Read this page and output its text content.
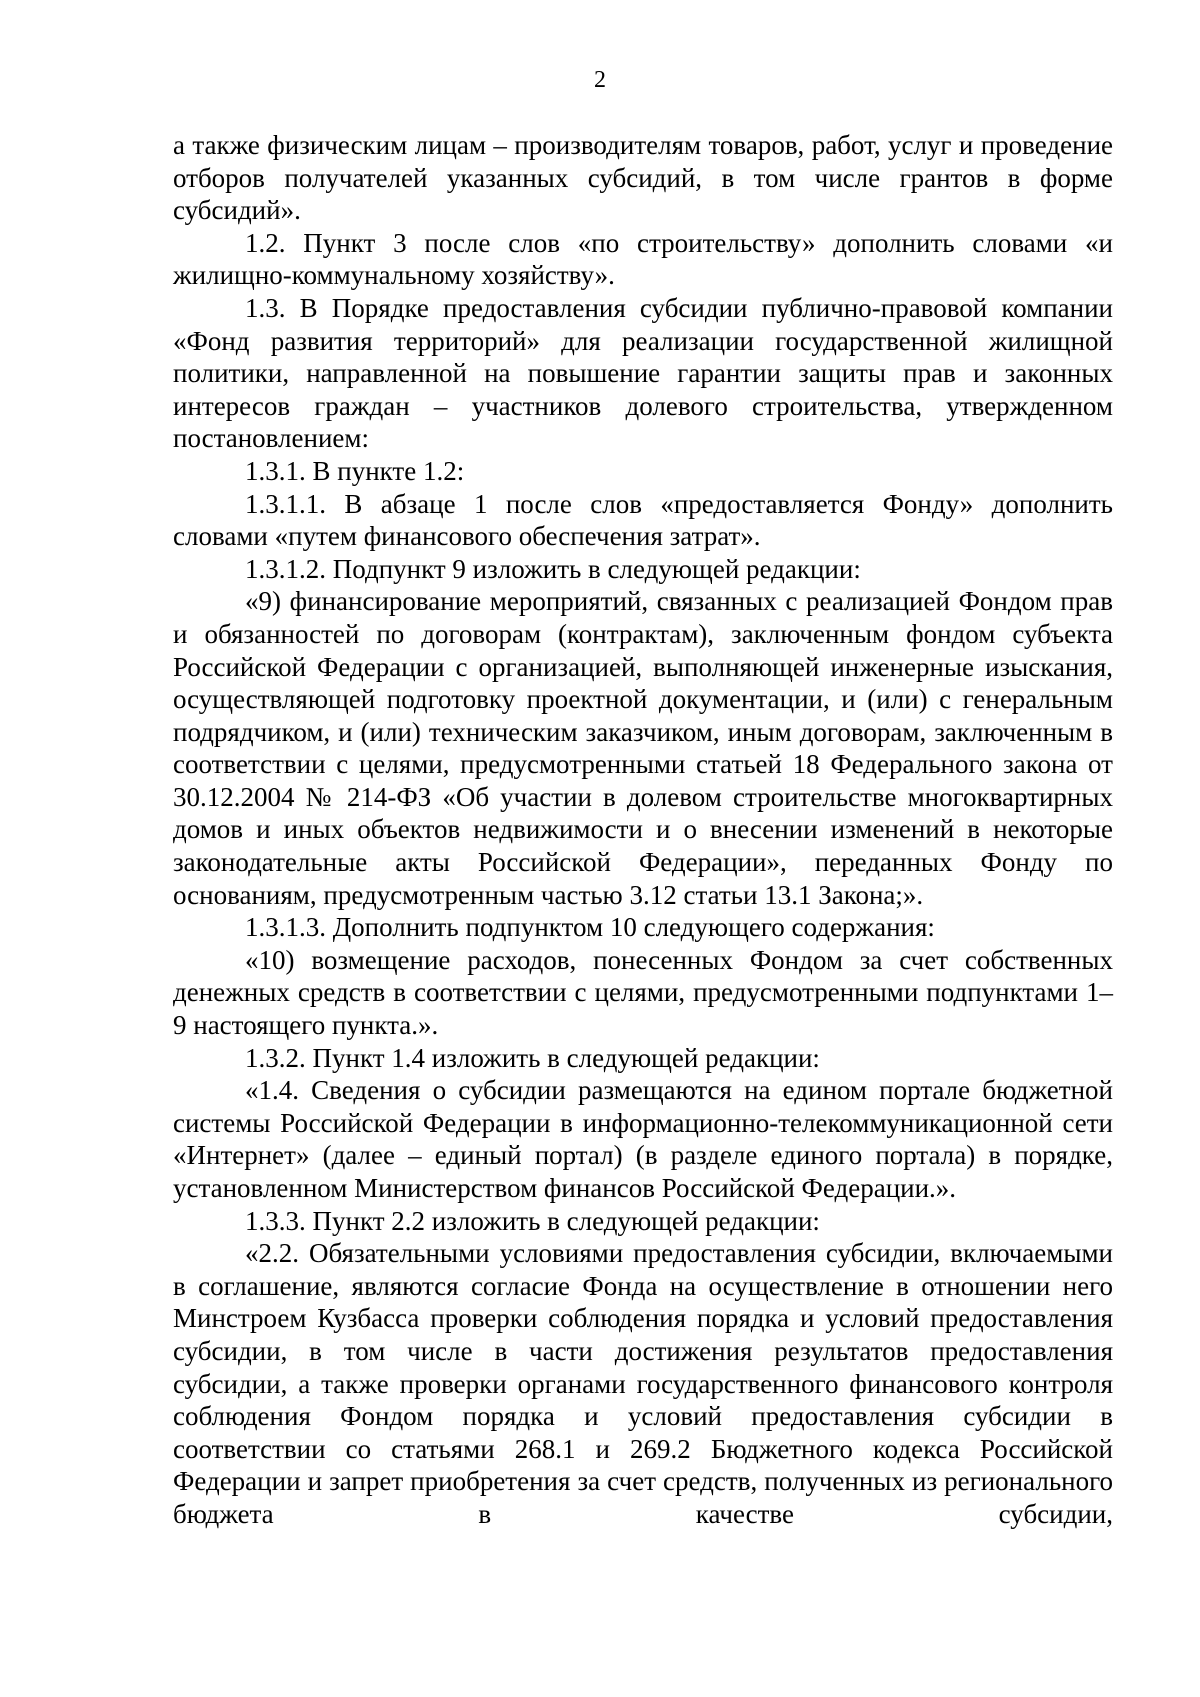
2

а также физическим лицам – производителям товаров, работ, услуг и проведение отборов получателей указанных субсидий, в том числе грантов в форме субсидий».

1.2. Пункт 3 после слов «по строительству» дополнить словами «и жилищно-коммунальному хозяйству».

1.3. В Порядке предоставления субсидии публично-правовой компании «Фонд развития территорий» для реализации государственной жилищной политики, направленной на повышение гарантии защиты прав и законных интересов граждан – участников долевого строительства, утвержденном постановлением:

1.3.1. В пункте 1.2:

1.3.1.1. В абзаце 1 после слов «предоставляется Фонду» дополнить словами «путем финансового обеспечения затрат».

1.3.1.2. Подпункт 9 изложить в следующей редакции:

«9) финансирование мероприятий, связанных с реализацией Фондом прав и обязанностей по договорам (контрактам), заключенным фондом субъекта Российской Федерации с организацией, выполняющей инженерные изыскания, осуществляющей подготовку проектной документации, и (или) с генеральным подрядчиком, и (или) техническим заказчиком, иным договорам, заключенным в соответствии с целями, предусмотренными статьей 18 Федерального закона от 30.12.2004 № 214-ФЗ «Об участии в долевом строительстве многоквартирных домов и иных объектов недвижимости и о внесении изменений в некоторые законодательные акты Российской Федерации», переданных Фонду по основаниям, предусмотренным частью 3.12 статьи 13.1 Закона;».

1.3.1.3. Дополнить подпунктом 10 следующего содержания:

«10) возмещение расходов, понесенных Фондом за счет собственных денежных средств в соответствии с целями, предусмотренными подпунктами 1–9 настоящего пункта.».

1.3.2. Пункт 1.4 изложить в следующей редакции:

«1.4. Сведения о субсидии размещаются на едином портале бюджетной системы Российской Федерации в информационно-телекоммуникационной сети «Интернет» (далее – единый портал) (в разделе единого портала) в порядке, установленном Министерством финансов Российской Федерации.».

1.3.3. Пункт 2.2 изложить в следующей редакции:

«2.2. Обязательными условиями предоставления субсидии, включаемыми в соглашение, являются согласие Фонда на осуществление в отношении него Минстроем Кузбасса проверки соблюдения порядка и условий предоставления субсидии, в том числе в части достижения результатов предоставления субсидии, а также проверки органами государственного финансового контроля соблюдения Фондом порядка и условий предоставления субсидии в соответствии со статьями 268.1 и 269.2 Бюджетного кодекса Российской Федерации и запрет приобретения за счет средств, полученных из регионального бюджета в качестве субсидии,
